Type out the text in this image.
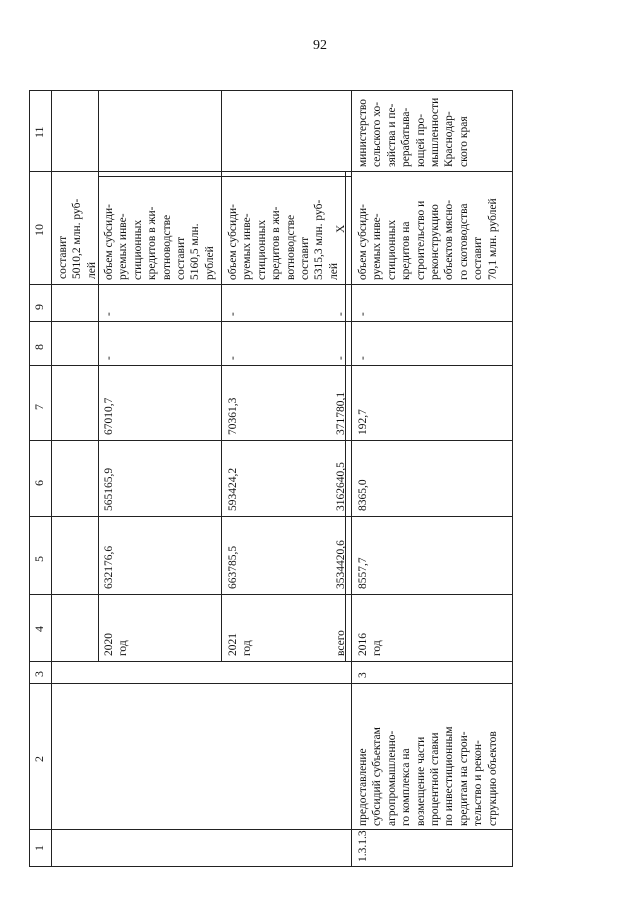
92
11
10
9
8
7
6
5
4
3
2
1
составит 5010,2 млн. руб- лей
2020 год
632176,6
565165,9
67010,7
-
-
объем субсиди- руемых инве- стиционных кредитов в жи- вотноводстве составит 5160,5 млн. рублей
2021 год
663785,5
593424,2
70361,3
-
-
объем субсиди- руемых инве- стиционных кредитов в жи- вотноводстве составит 5315,3 млн. руб- лей
всего
3534420,6
3162640,5
371780,1
-
-
Х
1.3.1.3
предоставление субсидий субъектам агропромышленно- го комплекса на возмещение части процентной ставки по инвестиционным кредитам на строи- тельство и рекон- струкцию объектов
3
2016 год
8557,7
8365,0
192,7
-
-
объем субсиди- руемых инве- стиционных кредитов на строительство и реконструкцию объектов мясно- го скотоводства составит 70,1 млн. рублей
министерство сельского хо- зяйства и пе- рерабатыва- ющей про- мышленности Краснодар- ского края
